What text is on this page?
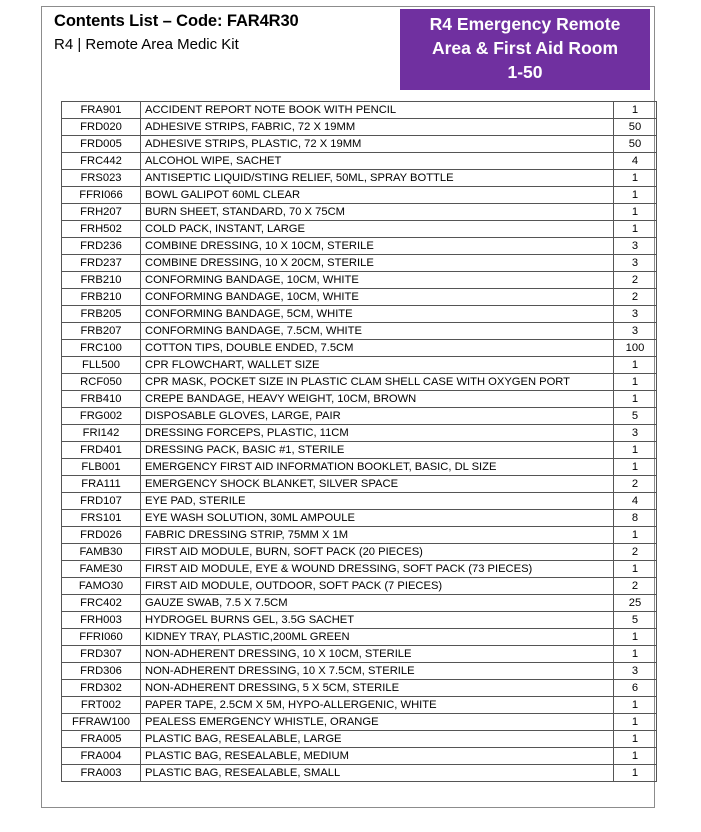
Contents List – Code: FAR4R30
R4 | Remote Area Medic Kit
R4 Emergency Remote
Area & First Aid Room
1-50
FRA901	ACCIDENT REPORT NOTE BOOK WITH PENCIL	1
FRD020	ADHESIVE STRIPS, FABRIC, 72 X 19MM	50
FRD005	ADHESIVE STRIPS, PLASTIC, 72 X 19MM	50
FRC442	ALCOHOL WIPE, SACHET	4
FRS023	ANTISEPTIC LIQUID/STING RELIEF, 50ML, SPRAY BOTTLE	1
FFRI066	BOWL GALIPOT 60ML CLEAR	1
FRH207	BURN SHEET, STANDARD, 70 X 75CM	1
FRH502	COLD PACK, INSTANT, LARGE	1
FRD236	COMBINE DRESSING, 10 X 10CM, STERILE	3
FRD237	COMBINE DRESSING, 10 X 20CM, STERILE	3
FRB210	CONFORMING BANDAGE, 10CM, WHITE	2
FRB210	CONFORMING BANDAGE, 10CM, WHITE	2
FRB205	CONFORMING BANDAGE, 5CM, WHITE	3
FRB207	CONFORMING BANDAGE, 7.5CM, WHITE	3
FRC100	COTTON TIPS, DOUBLE ENDED, 7.5CM	100
FLL500	CPR FLOWCHART, WALLET SIZE	1
RCF050	CPR MASK, POCKET SIZE IN PLASTIC CLAM SHELL CASE WITH OXYGEN PORT	1
FRB410	CREPE BANDAGE, HEAVY WEIGHT, 10CM, BROWN	1
FRG002	DISPOSABLE GLOVES, LARGE, PAIR	5
FRI142	DRESSING FORCEPS, PLASTIC, 11CM	3
FRD401	DRESSING PACK, BASIC #1, STERILE	1
FLB001	EMERGENCY FIRST AID INFORMATION BOOKLET, BASIC, DL SIZE	1
FRA111	EMERGENCY SHOCK BLANKET, SILVER SPACE	2
FRD107	EYE PAD, STERILE	4
FRS101	EYE WASH SOLUTION, 30ML AMPOULE	8
FRD026	FABRIC DRESSING STRIP, 75MM X 1M	1
FAMB30	FIRST AID MODULE, BURN, SOFT PACK (20 PIECES)	2
FAME30	FIRST AID MODULE, EYE & WOUND DRESSING, SOFT PACK (73 PIECES)	1
FAMO30	FIRST AID MODULE, OUTDOOR, SOFT PACK (7 PIECES)	2
FRC402	GAUZE SWAB, 7.5 X 7.5CM	25
FRH003	HYDROGEL BURNS GEL, 3.5G SACHET	5
FFRI060	KIDNEY TRAY, PLASTIC,200ML GREEN	1
FRD307	NON-ADHERENT DRESSING, 10 X 10CM, STERILE	1
FRD306	NON-ADHERENT DRESSING, 10 X 7.5CM, STERILE	3
FRD302	NON-ADHERENT DRESSING, 5 X 5CM, STERILE	6
FRT002	PAPER TAPE, 2.5CM X 5M, HYPO-ALLERGENIC, WHITE	1
FFRAW100	PEALESS EMERGENCY WHISTLE, ORANGE	1
FRA005	PLASTIC BAG, RESEALABLE, LARGE	1
FRA004	PLASTIC BAG, RESEALABLE, MEDIUM	1
FRA003	PLASTIC BAG, RESEALABLE, SMALL	1
